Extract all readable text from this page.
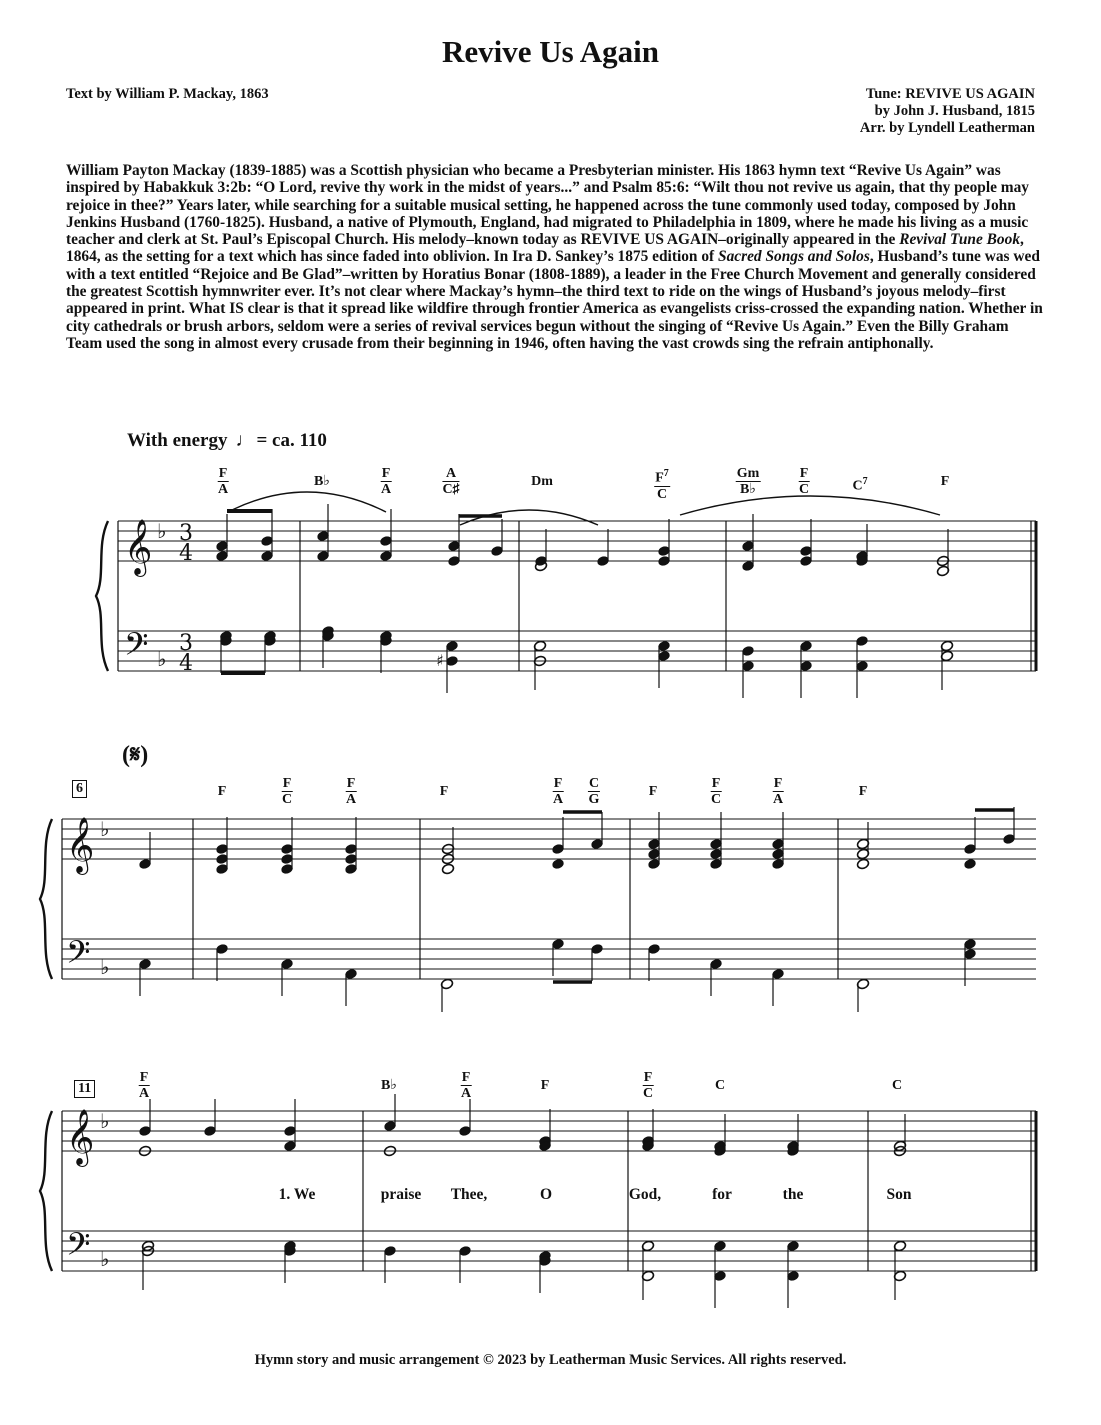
Revive Us Again
Text by William P. Mackay, 1863	Tune: REVIVE US AGAIN
by John J. Husband, 1815
Arr. by Lyndell Leatherman
William Payton Mackay (1839-1885) was a Scottish physician who became a Presbyterian minister. His 1863 hymn text “Revive Us Again” was inspired by Habakkuk 3:2b: “O Lord, revive thy work in the midst of years...” and Psalm 85:6: “Wilt thou not revive us again, that thy people may rejoice in thee?” Years later, while searching for a suitable musical setting, he happened across the tune commonly used today, composed by John Jenkins Husband (1760-1825). Husband, a native of Plymouth, England, had migrated to Philadelphia in 1809, where he made his living as a music teacher and clerk at St. Paul’s Episcopal Church. His melody–known today as REVIVE US AGAIN–originally appeared in the Revival Tune Book, 1864, as the setting for a text which has since faded into oblivion. In Ira D. Sankey’s 1875 edition of Sacred Songs and Solos, Husband’s tune was wed with a text entitled “Rejoice and Be Glad”–written by Horatius Bonar (1808-1889), a leader in the Free Church Movement and generally considered the greatest Scottish hymnwriter ever. It’s not clear where Mackay’s hymn–the third text to ride on the wings of Husband’s joyous melody–first appeared in print. What IS clear is that it spread like wildfire through frontier America as evangelists criss-crossed the expanding nation. Whether in city cathedrals or brush arbors, seldom were a series of revival services begun without the singing of “Revive Us Again.” Even the Billy Graham Team used the song in almost every crusade from their beginning in 1946, often having the vast crowds sing the refrain antiphonally.
With energy ♩ = ca. 110
(𝄋)
6
11
$\frac{F}{A}$	B♭	$\frac{F}{A}$	$\frac{A}{C♯}$	Dm	$\frac{F^7}{C}$	$\frac{Gm}{B♭}$	$\frac{F}{C}$	$C^7$	F
F	$\frac{F}{C}$	$\frac{F}{A}$	F	$\frac{F}{A} \frac{C}{G}$	F	$\frac{F}{C}$	$\frac{F}{A}$	F
$\frac{F}{A}$	B♭	$\frac{F}{A}$	F	$\frac{F}{C}$	C	C
1. We	praise Thee,	O	God,	for	the	Son
𝄞
𝄢
♭
♭
3
4
3
4	♯
𝄞
𝄢
♭
♭
𝄞
𝄢
♭
♭
Hymn story and music arrangement © 2023 by Leatherman Music Services. All rights reserved.
